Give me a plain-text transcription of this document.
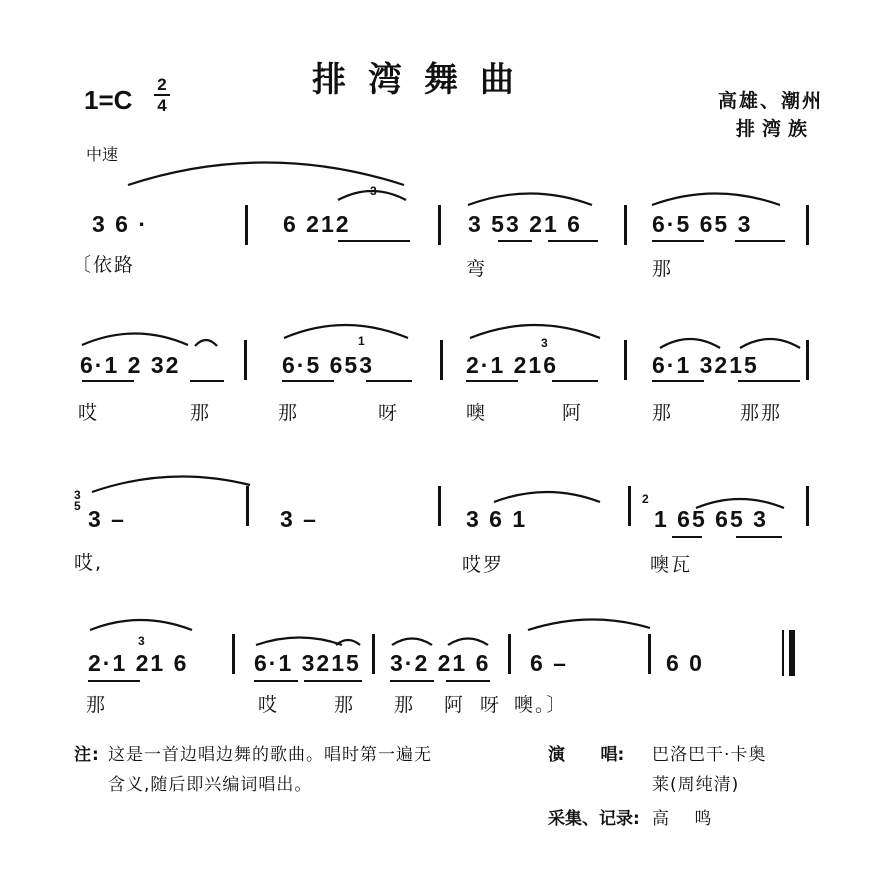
排湾舞曲
1=C
2
4	高雄、潮州
排湾族
中速
3 6 ·	6 212	3 53 21 6	6·5 65 3
〔依路	弯	那
6·1 2 32	6·5 653	2·1 216	6·1 3215
哎	那	那	呀	噢	阿	那	那那
3 –	3 –	3 6 1	1 65 65 3
哎,	哎罗	噢瓦
2·1 21 6	6·1 3215 3·2 21 6 6 –	6 0
那	哎	那 那 阿 呀 噢。〕
3
1	3
3
5	2
3
注: 这是一首边唱边舞的歌曲。唱时第一遍无
含义,随后即兴编词唱出。
演      唱: 巴洛巴干·卡奥
莱(周纯清)
采集、记录: 高 鸣
